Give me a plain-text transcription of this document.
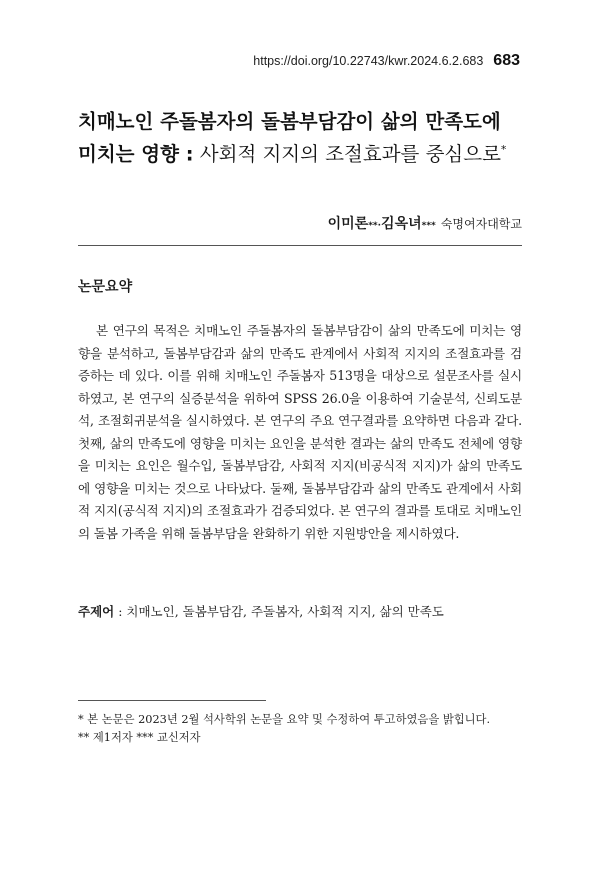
https://doi.org/10.22743/kwr.2024.6.2.683 683
치매노인 주돌봄자의 돌봄부담감이 삶의 만족도에
미치는 영향 : 사회적 지지의 조절효과를 중심으로*
이미론**·김옥녀*** 숙명여자대학교
논문요약

본 연구의 목적은 치매노인 주돌봄자의 돌봄부담감이 삶의 만족도에 미치는 영향을 분석하고, 돌봄부담감과 삶의 만족도 관계에서 사회적 지지의 조절효과를 검증하는 데 있다. 이를 위해 치매노인 주돌봄자 513명을 대상으로 설문조사를 실시하였고, 본 연구의 실증분석을 위하여 SPSS 26.0을 이용하여 기술분석, 신뢰도분석, 조절회귀분석을 실시하였다. 본 연구의 주요 연구결과를 요약하면 다음과 같다. 첫째, 삶의 만족도에 영향을 미치는 요인을 분석한 결과는 삶의 만족도 전체에 영향을 미치는 요인은 월수입, 돌봄부담감, 사회적 지지(비공식적 지지)가 삶의 만족도에 영향을 미치는 것으로 나타났다. 둘째, 돌봄부담감과 삶의 만족도 관계에서 사회적 지지(공식적 지지)의 조절효과가 검증되었다. 본 연구의 결과를 토대로 치매노인의 돌봄 가족을 위해 돌봄부담을 완화하기 위한 지원방안을 제시하였다.

주제어 : 치매노인, 돌봄부담감, 주돌봄자, 사회적 지지, 삶의 만족도
* 본 논문은 2023년 2월 석사학위 논문을 요약 및 수정하여 투고하였음을 밝힙니다.
** 제1저자 *** 교신저자
